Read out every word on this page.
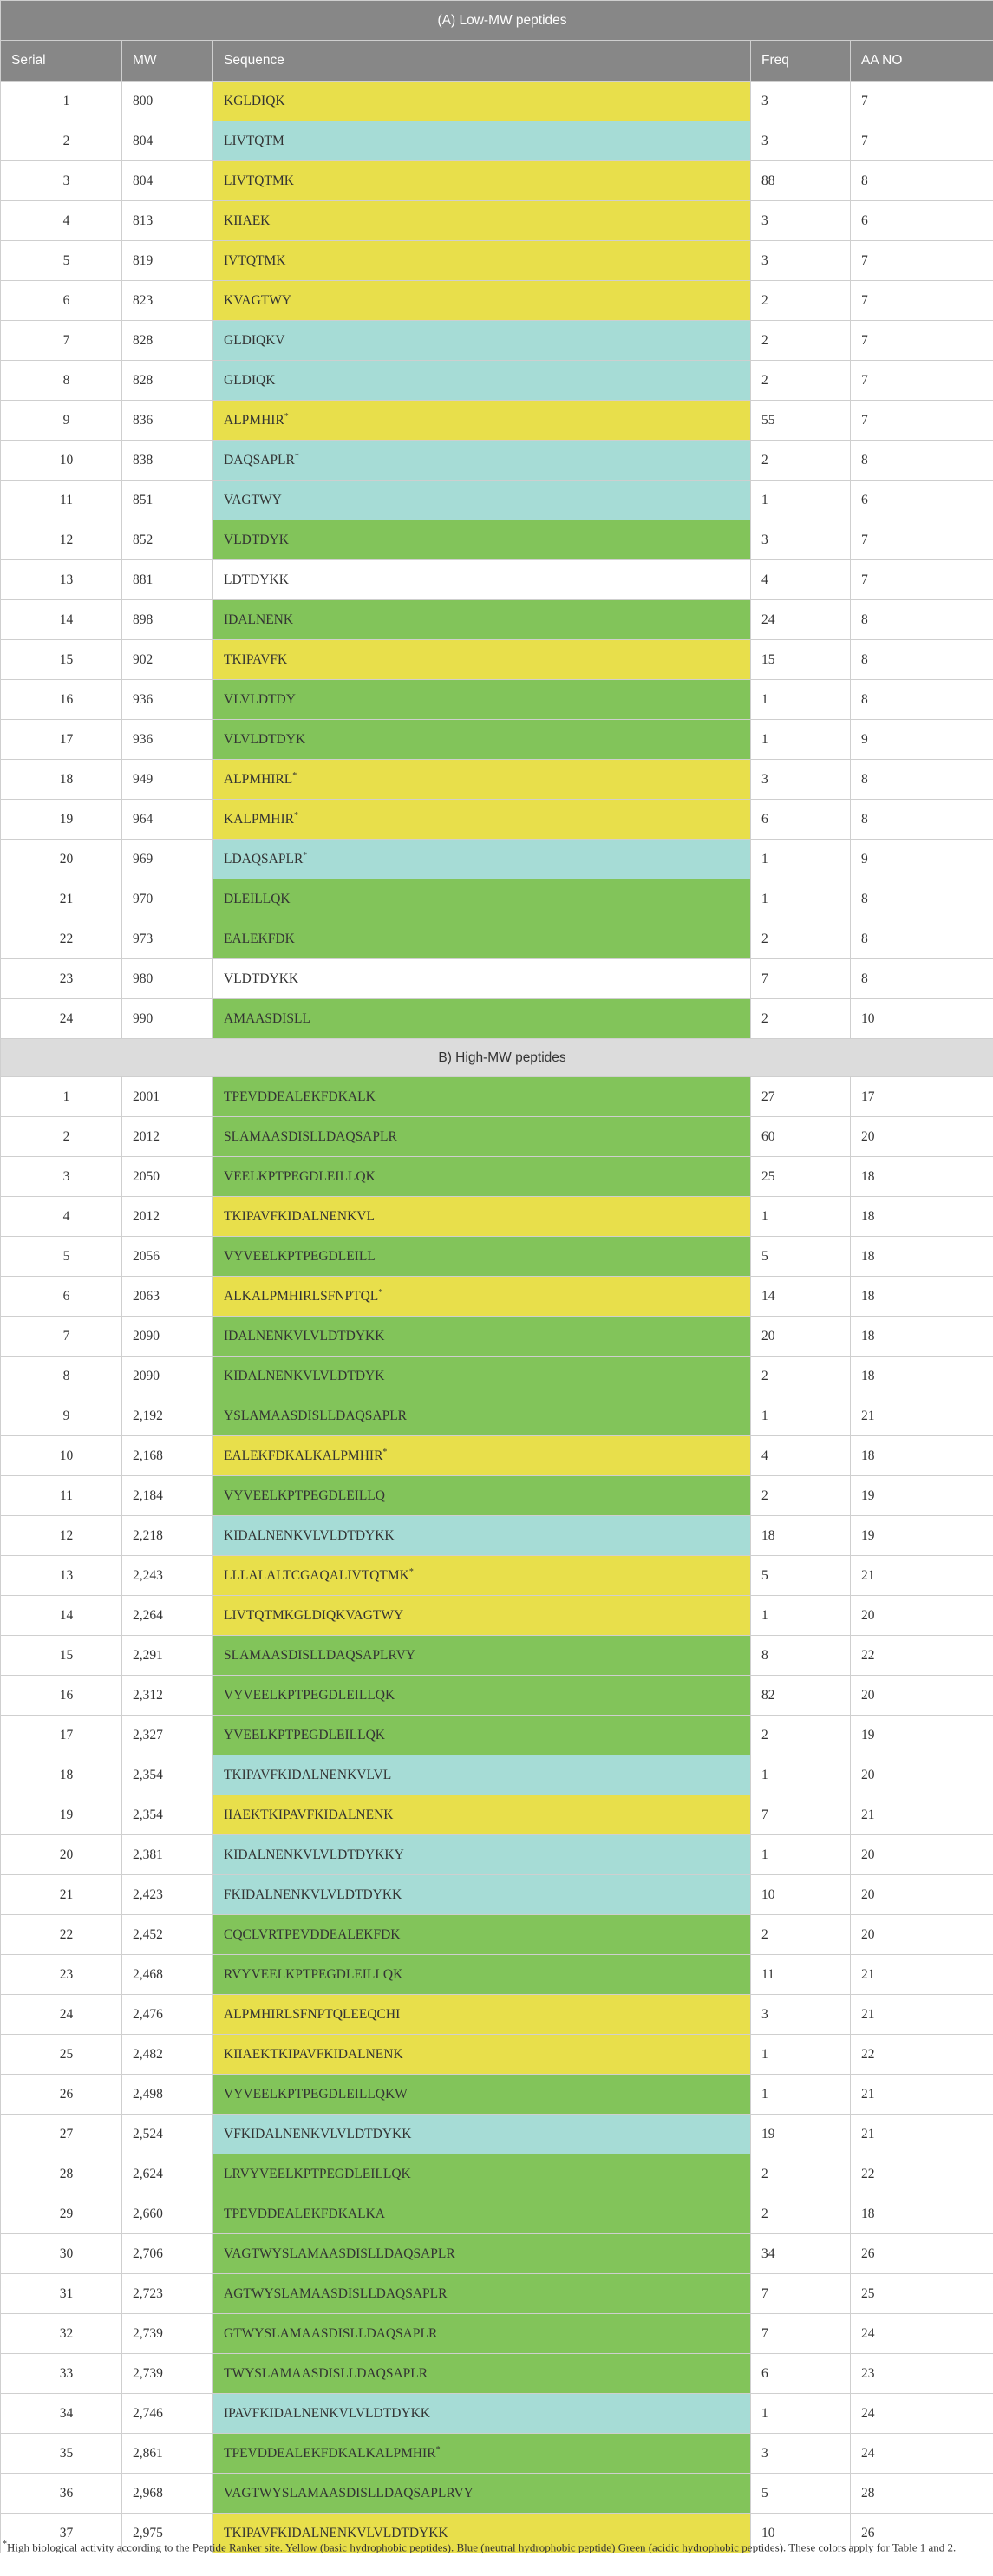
(A) Low-MW peptides				
Serial	MW	Sequence	Freq	AA NO
1	800	KGLDIQK	3	7
2	804	LIVTQTM	3	7
3	804	LIVTQTMK	88	8
4	813	KIIAEK	3	6
5	819	IVTQTMK	3	7
6	823	KVAGTWY	2	7
7	828	GLDIQKV	2	7
8	828	GLDIQK	2	7
9	836	ALPMHIR*	55	7
10	838	DAQSAPLR*	2	8
11	851	VAGTWY	1	6
12	852	VLDTDYK	3	7
13	881	LDTDYKK	4	7
14	898	IDALNENK	24	8
15	902	TKIPAVFK	15	8
16	936	VLVLDTDY	1	8
17	936	VLVLDTDYK	1	9
18	949	ALPMHIRL*	3	8
19	964	KALPMHIR*	6	8
20	969	LDAQSAPLR*	1	9
21	970	DLEILLQK	1	8
22	973	EALEKFDK	2	8
23	980	VLDTDYKK	7	8
24	990	AMAASDISLL	2	10
B) High-MW peptides				
1	2001	TPEVDDEALEKFDKALK	27	17
2	2012	SLAMAASDISLLDAQSAPLR	60	20
3	2050	VEELKPTPEGDLEILLQK	25	18
4	2012	TKIPAVFKIDALNENKVL	1	18
5	2056	VYVEELKPTPEGDLEILL	5	18
6	2063	ALKALPMHIRLSFNPTQL*	14	18
7	2090	IDALNENKVLVLDTDYKK	20	18
8	2090	KIDALNENKVLVLDTDYK	2	18
9	2,192	YSLAMAASDISLLDAQSAPLR	1	21
10	2,168	EALEKFDKALKALPMHIR*	4	18
11	2,184	VYVEELKPTPEGDLEILLQ	2	19
12	2,218	KIDALNENKVLVLDTDYKK	18	19
13	2,243	LLLALALTCGAQALIVTQTMK*	5	21
14	2,264	LIVTQTMKGLDIQKVAGTWY	1	20
15	2,291	SLAMAASDISLLDAQSAPLRVY	8	22
16	2,312	VYVEELKPTPEGDLEILLQK	82	20
17	2,327	YVEELKPTPEGDLEILLQK	2	19
18	2,354	TKIPAVFKIDALNENKVLVL	1	20
19	2,354	IIAEKTKIPAVFKIDALNENK	7	21
20	2,381	KIDALNENKVLVLDTDYKKY	1	20
21	2,423	FKIDALNENKVLVLDTDYKK	10	20
22	2,452	CQCLVRTPEVDDEALEKFDK	2	20
23	2,468	RVYVEELKPTPEGDLEILLQK	11	21
24	2,476	ALPMHIRLSFNPTQLEEQCHI	3	21
25	2,482	KIIAEKTKIPAVFKIDALNENK	1	22
26	2,498	VYVEELKPTPEGDLEILLQKW	1	21
27	2,524	VFKIDALNENKVLVLDTDYKK	19	21
28	2,624	LRVYVEELKPTPEGDLEILLQK	2	22
29	2,660	TPEVDDEALEKFDKALKA	2	18
30	2,706	VAGTWYSLAMAASDISLLDAQSAPLR	34	26
31	2,723	AGTWYSLAMAASDISLLDAQSAPLR	7	25
32	2,739	GTWYSLAMAASDISLLDAQSAPLR	7	24
33	2,739	TWYSLAMAASDISLLDAQSAPLR	6	23
34	2,746	IPAVFKIDALNENKVLVLDTDYKK	1	24
35	2,861	TPEVDDEALEKFDKALKALPMHIR*	3	24
36	2,968	VAGTWYSLAMAASDISLLDAQSAPLRVY	5	28
37	2,975	TKIPAVFKIDALNENKVLVLDTDYKK	10	26
*High biological activity according to the Peptide Ranker site. Yellow (basic hydrophobic peptides). Blue (neutral hydrophobic peptide) Green (acidic hydrophobic peptides). These colors apply for Table 1 and 2.
